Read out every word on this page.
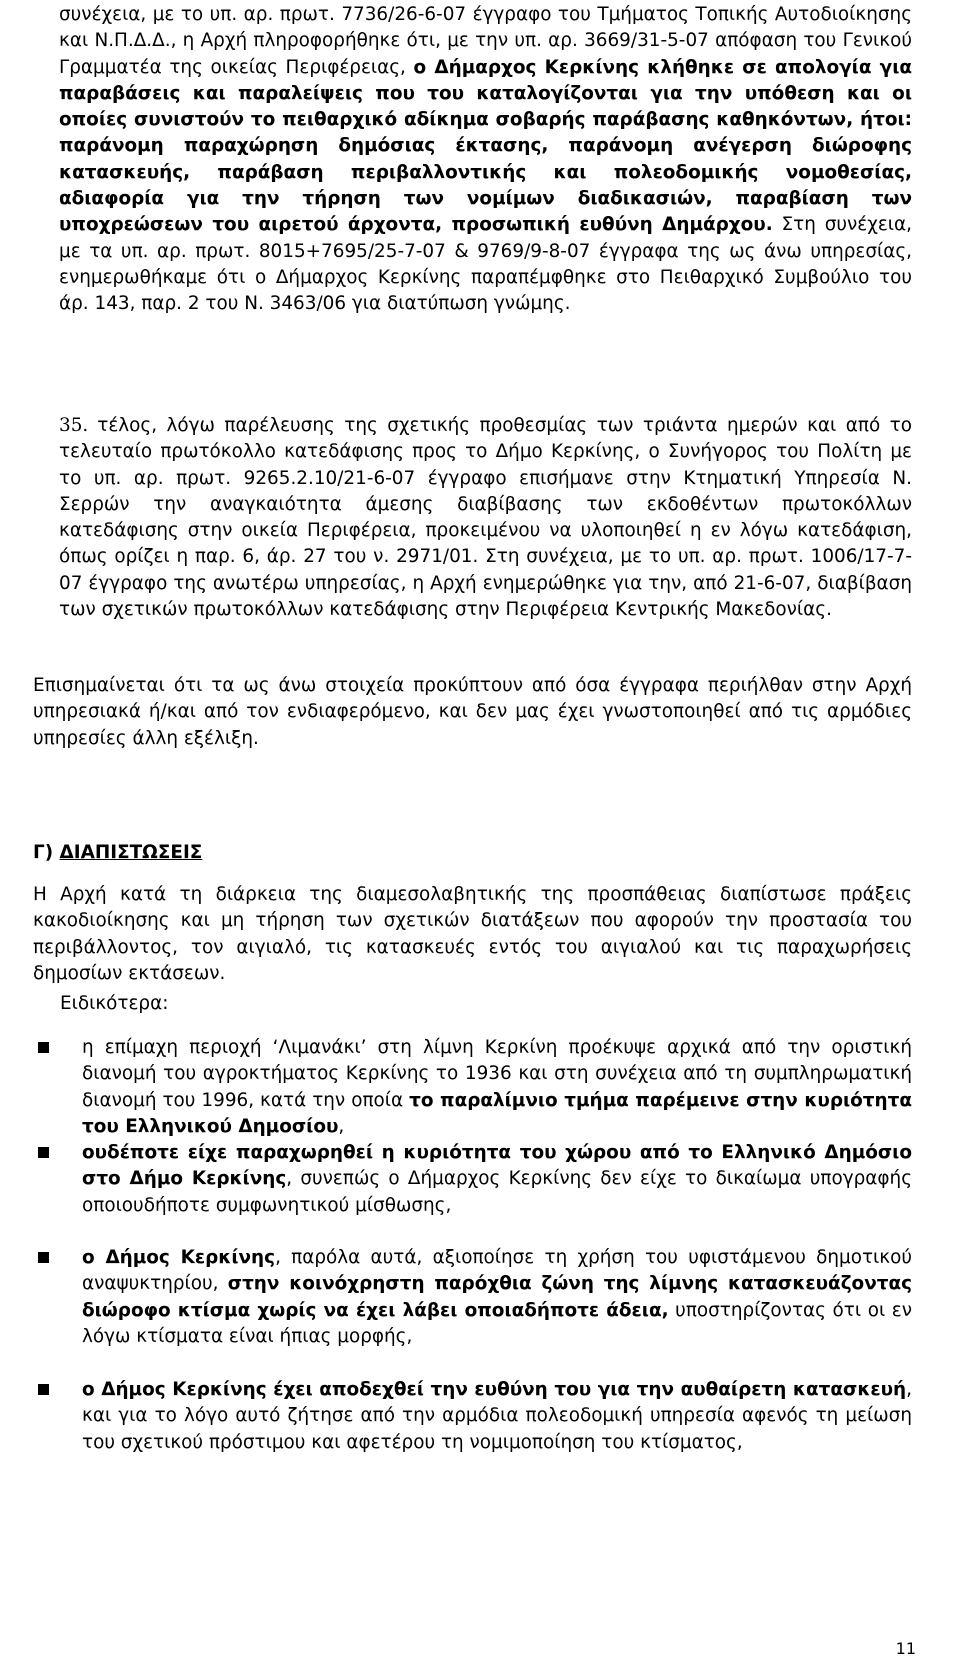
συνέχεια, με το υπ. αρ. πρωτ. 7736/26-6-07 έγγραφο του Τμήματος Τοπικής Αυτοδιοίκησης και Ν.Π.Δ.Δ., η Αρχή πληροφορήθηκε ότι, με την υπ. αρ. 3669/31-5-07 απόφαση του Γενικού Γραμματέα της οικείας Περιφέρειας, ο Δήμαρχος Κερκίνης κλήθηκε σε απολογία για παραβάσεις και παραλείψεις που του καταλογίζονται για την υπόθεση και οι οποίες συνιστούν το πειθαρχικό αδίκημα σοβαρής παράβασης καθηκόντων, ήτοι: παράνομη παραχώρηση δημόσιας έκτασης, παράνομη ανέγερση διώροφης κατασκευής, παράβαση περιβαλλοντικής και πολεοδομικής νομοθεσίας, αδιαφορία για την τήρηση των νομίμων διαδικασιών, παραβίαση των υποχρεώσεων του αιρετού άρχοντα, προσωπική ευθύνη Δημάρχου. Στη συνέχεια, με τα υπ. αρ. πρωτ. 8015+7695/25-7-07 & 9769/9-8-07 έγγραφα της ως άνω υπηρεσίας, ενημερωθήκαμε ότι ο Δήμαρχος Κερκίνης παραπέμφθηκε στο Πειθαρχικό Συμβούλιο του άρ. 143, παρ. 2 του Ν. 3463/06 για διατύπωση γνώμης.

35. τέλος, λόγω παρέλευσης της σχετικής προθεσμίας των τριάντα ημερών και από το τελευταίο πρωτόκολλο κατεδάφισης προς το Δήμο Κερκίνης, ο Συνήγορος του Πολίτη με το υπ. αρ. πρωτ. 9265.2.10/21-6-07 έγγραφο επισήμανε στην Κτηματική Υπηρεσία Ν. Σερρών την αναγκαιότητα άμεσης διαβίβασης των εκδοθέντων πρωτοκόλλων κατεδάφισης στην οικεία Περιφέρεια, προκειμένου να υλοποιηθεί η εν λόγω κατεδάφιση, όπως ορίζει η παρ. 6, άρ. 27 του ν. 2971/01. Στη συνέχεια, με το υπ. αρ. πρωτ. 1006/17-7-07 έγγραφο της ανωτέρω υπηρεσίας, η Αρχή ενημερώθηκε για την, από 21-6-07, διαβίβαση των σχετικών πρωτοκόλλων κατεδάφισης στην Περιφέρεια Κεντρικής Μακεδονίας.

Επισημαίνεται ότι τα ως άνω στοιχεία προκύπτουν από όσα έγγραφα περιήλθαν στην Αρχή υπηρεσιακά ή/και από τον ενδιαφερόμενο, και δεν μας έχει γνωστοποιηθεί από τις αρμόδιες υπηρεσίες άλλη εξέλιξη.

Γ) ΔΙΑΠΙΣΤΩΣΕΙΣ

Η Αρχή κατά τη διάρκεια της διαμεσολαβητικής της προσπάθειας διαπίστωσε πράξεις κακοδιοίκησης και μη τήρηση των σχετικών διατάξεων που αφορούν την προστασία του περιβάλλοντος, τον αιγιαλό, τις κατασκευές εντός του αιγιαλού και τις παραχωρήσεις δημοσίων εκτάσεων.

Ειδικότερα:

η επίμαχη περιοχή ‘Λιμανάκι’ στη λίμνη Κερκίνη προέκυψε αρχικά από την οριστική διανομή του αγροκτήματος Κερκίνης το 1936 και στη συνέχεια από τη συμπληρωματική διανομή του 1996, κατά την οποία το παραλίμνιο τμήμα παρέμεινε στην κυριότητα του Ελληνικού Δημοσίου,

ουδέποτε είχε παραχωρηθεί η κυριότητα του χώρου από το Ελληνικό Δημόσιο στο Δήμο Κερκίνης, συνεπώς ο Δήμαρχος Κερκίνης δεν είχε το δικαίωμα υπογραφής οποιουδήποτε συμφωνητικού μίσθωσης,

ο Δήμος Κερκίνης, παρόλα αυτά, αξιοποίησε τη χρήση του υφιστάμενου δημοτικού αναψυκτηρίου, στην κοινόχρηστη παρόχθια ζώνη της λίμνης κατασκευάζοντας διώροφο κτίσμα χωρίς να έχει λάβει οποιαδήποτε άδεια, υποστηρίζοντας ότι οι εν λόγω κτίσματα είναι ήπιας μορφής,

ο Δήμος Κερκίνης έχει αποδεχθεί την ευθύνη του για την αυθαίρετη κατασκευή, και για το λόγο αυτό ζήτησε από την αρμόδια πολεοδομική υπηρεσία αφενός τη μείωση του σχετικού πρόστιμου και αφετέρου τη νομιμοποίηση του κτίσματος,

11
